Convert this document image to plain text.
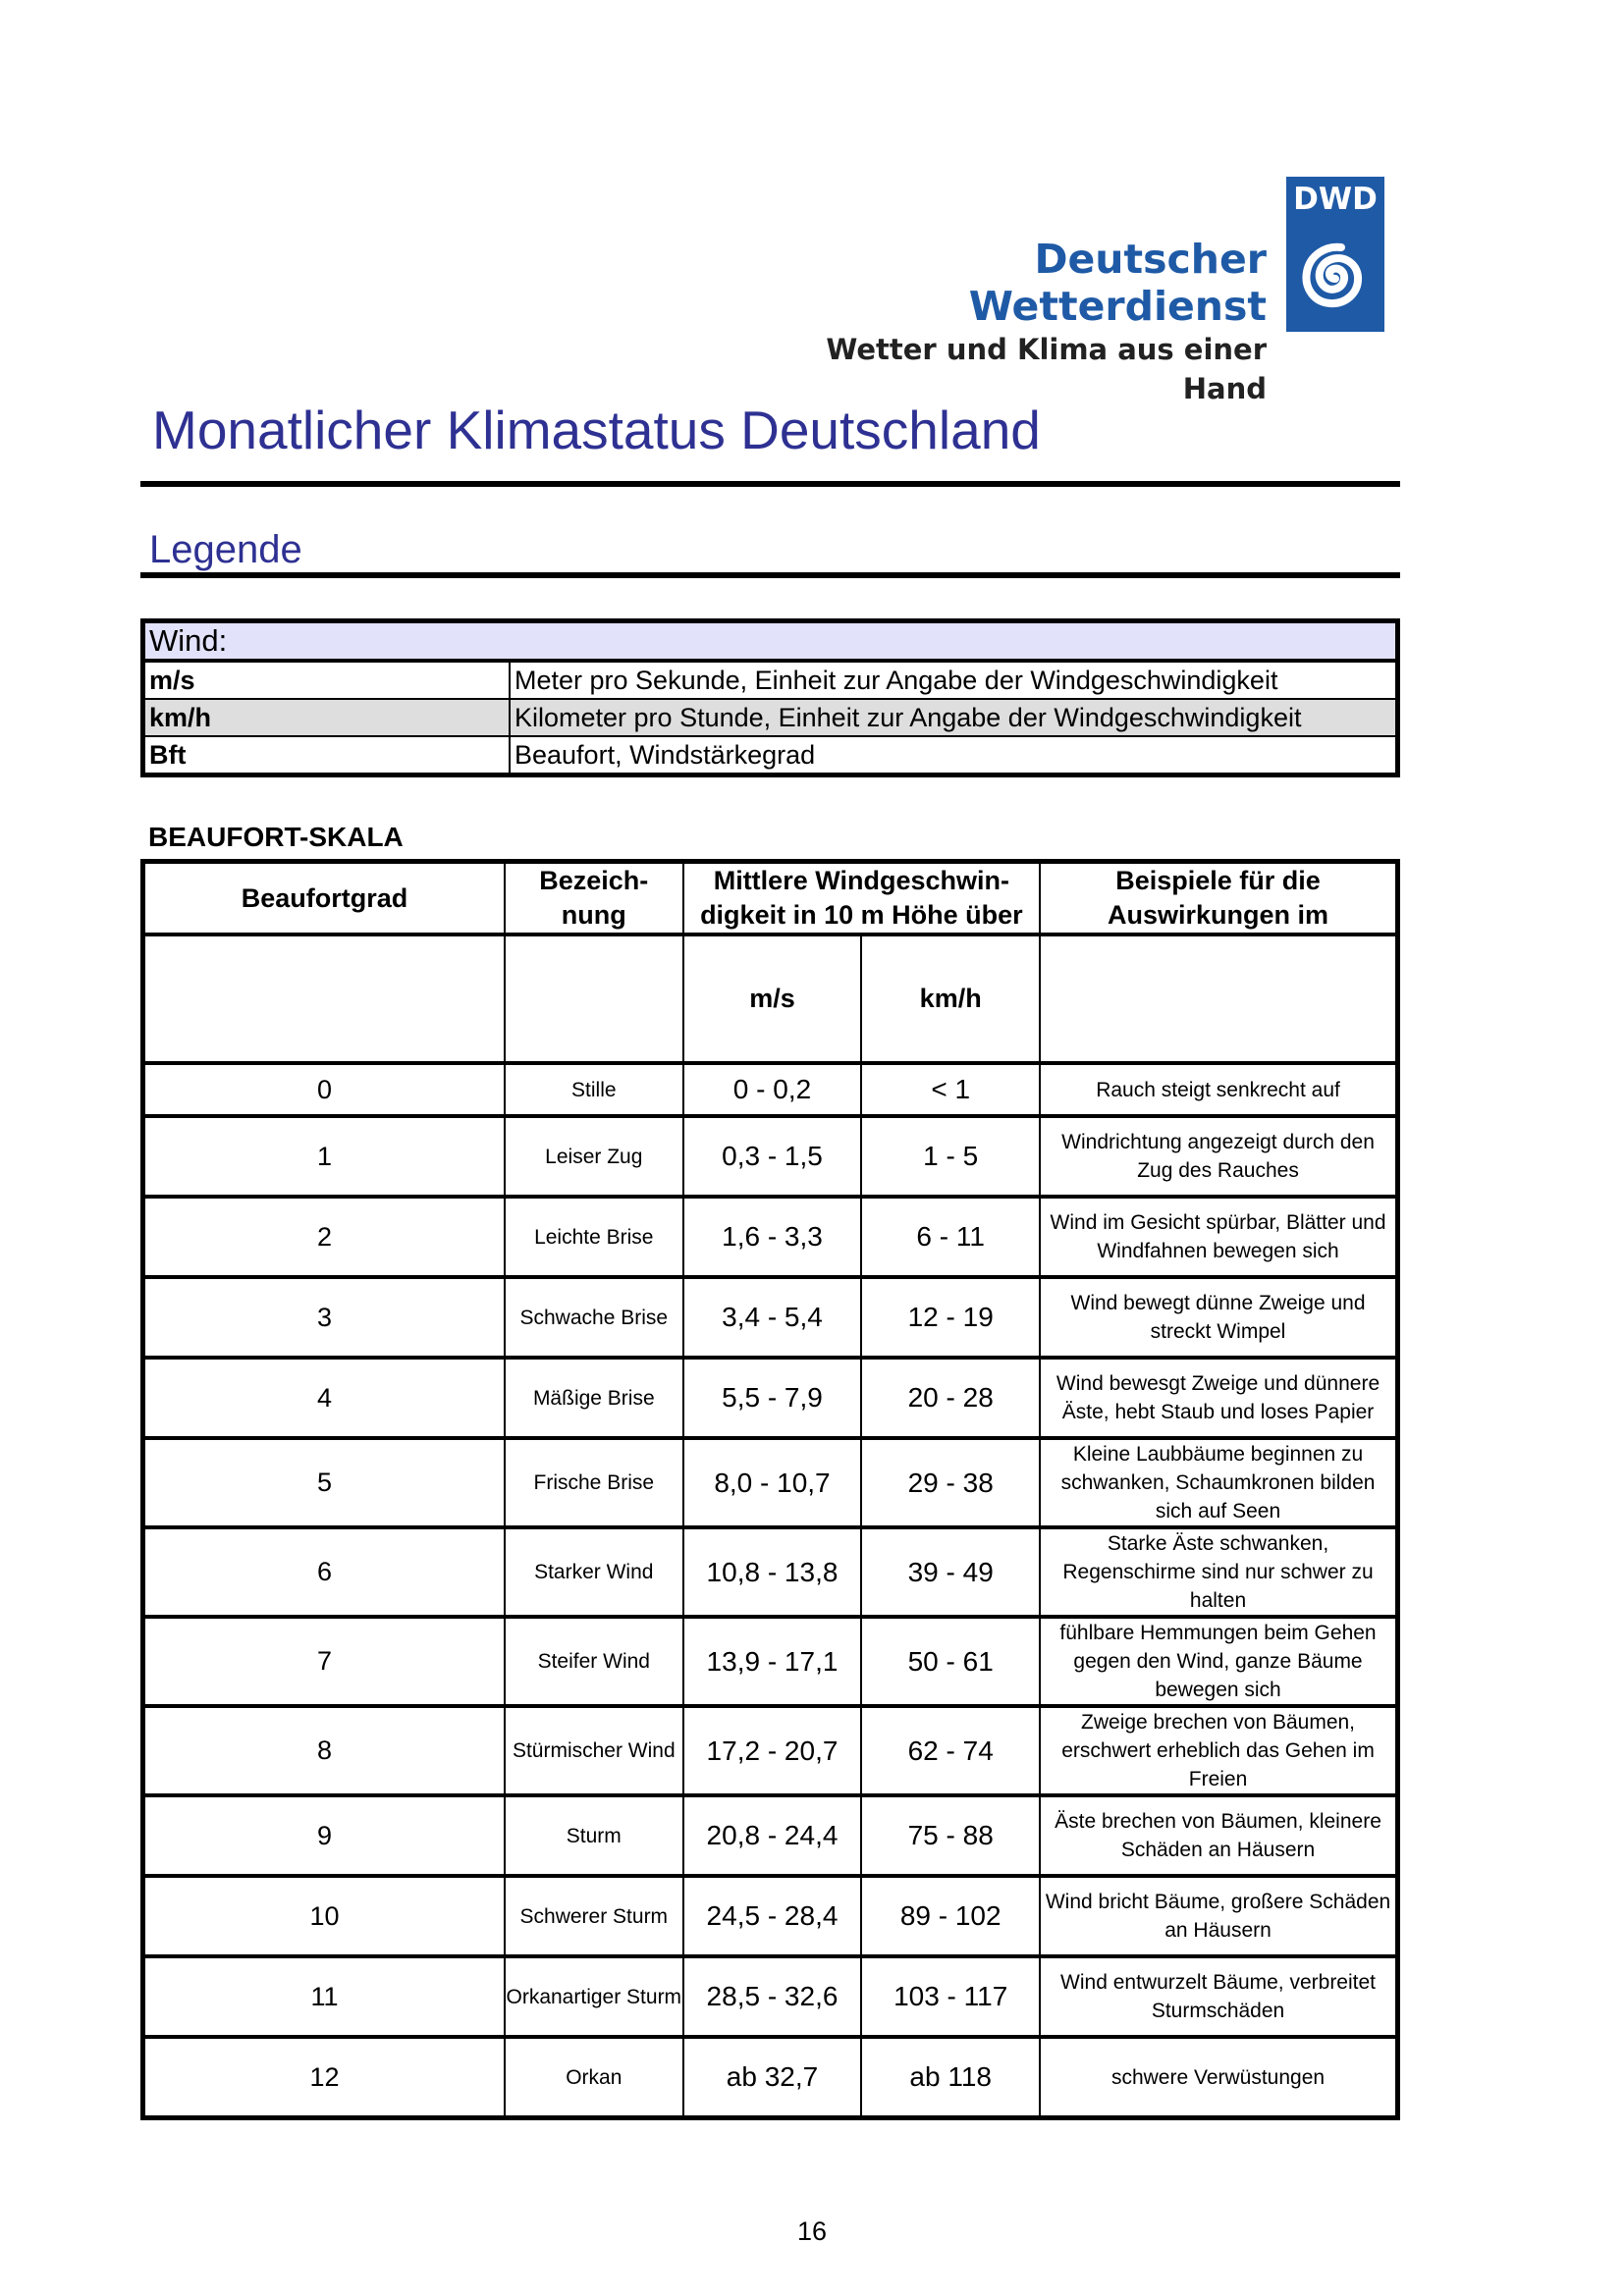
Deutscher Wetterdienst
Wetter und Klima aus einer Hand
DWD
Monatlicher Klimastatus Deutschland
Legende
Wind:	
m/s	Meter pro Sekunde, Einheit zur Angabe der Windgeschwindigkeit
km/h	Kilometer pro Stunde, Einheit zur Angabe der Windgeschwindigkeit
Bft	Beaufort, Windstärkegrad
BEAUFORT-SKALA
Beaufortgrad	Bezeich-nung	Mittlere Windgeschwin-digkeit in 10 m Höhe über		Beispiele für die Auswirkungen im
		m/s	km/h	
0	Stille	0 - 0,2	< 1	Rauch steigt senkrecht auf
1	Leiser Zug	0,3 - 1,5	1 - 5	Windrichtung angezeigt durch den Zug des Rauches
2	Leichte Brise	1,6 - 3,3	6 - 11	Wind im Gesicht spürbar, Blätter und Windfahnen bewegen sich
3	Schwache Brise	3,4 - 5,4	12 - 19	Wind bewegt dünne Zweige und streckt Wimpel
4	Mäßige Brise	5,5 - 7,9	20 - 28	Wind bewesgt Zweige und dünnere Äste, hebt Staub und loses Papier
5	Frische Brise	8,0 - 10,7	29 - 38	Kleine Laubbäume beginnen zu schwanken, Schaumkronen bilden sich auf Seen
6	Starker Wind	10,8 - 13,8	39 - 49	Starke Äste schwanken, Regenschirme sind nur schwer zu halten
7	Steifer Wind	13,9 - 17,1	50 - 61	fühlbare Hemmungen beim Gehen gegen den Wind, ganze Bäume bewegen sich
8	Stürmischer Wind	17,2 - 20,7	62 - 74	Zweige brechen von Bäumen, erschwert erheblich das Gehen im Freien
9	Sturm	20,8 - 24,4	75 - 88	Äste brechen von Bäumen, kleinere Schäden an Häusern
10	Schwerer Sturm	24,5 - 28,4	89 - 102	Wind bricht Bäume, großere Schäden an Häusern
11	Orkanartiger Sturm	28,5 - 32,6	103 - 117	Wind entwurzelt Bäume, verbreitet Sturmschäden
12	Orkan	ab 32,7	ab 118	schwere Verwüstungen
16
